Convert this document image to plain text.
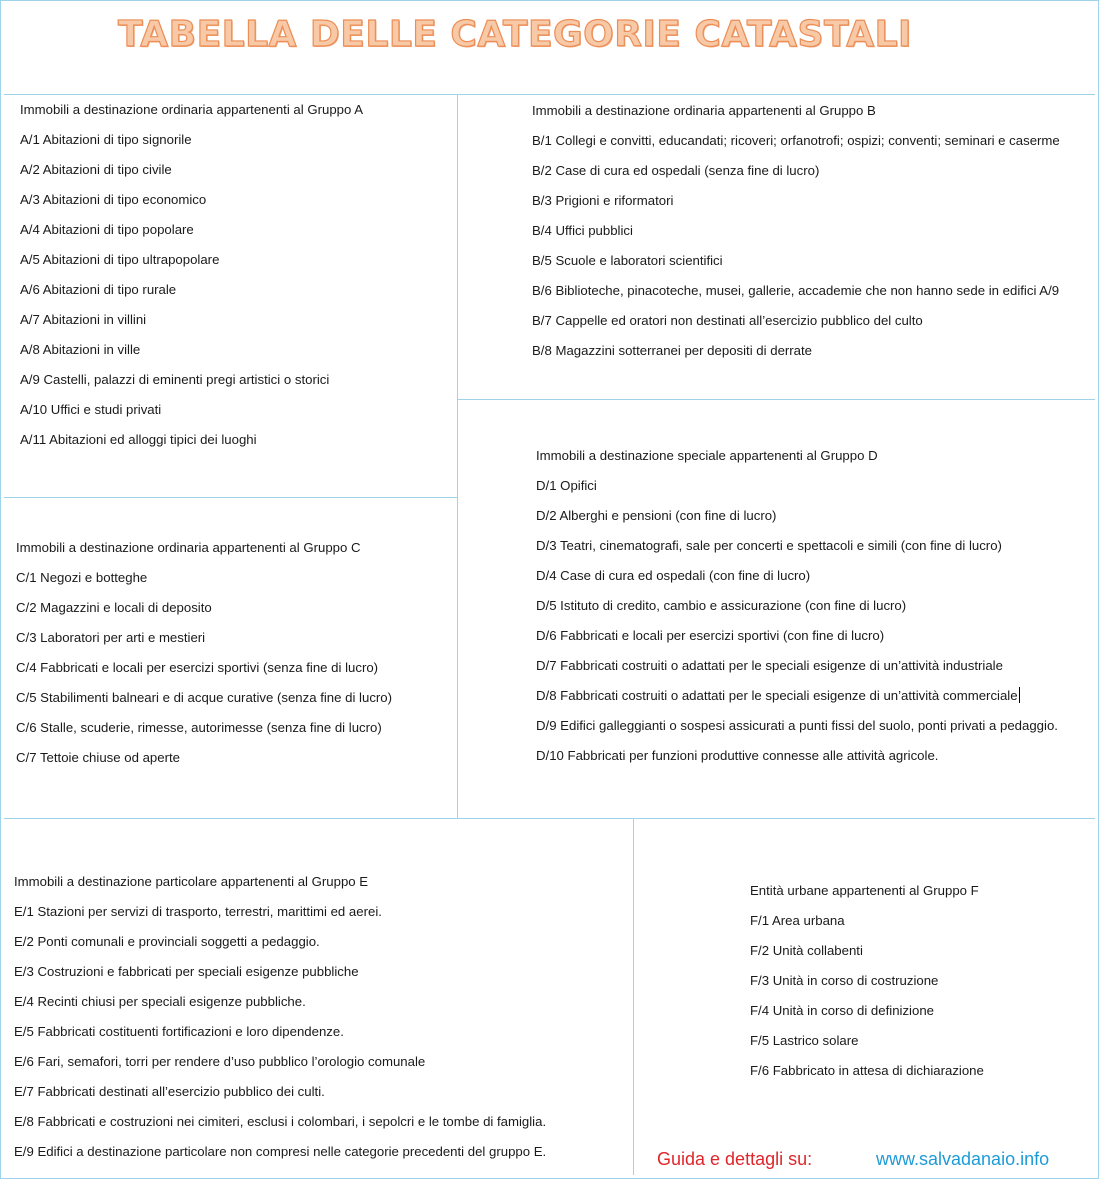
TABELLA DELLE CATEGORIE CATASTALI
Immobili a destinazione ordinaria appartenenti al Gruppo A
A/1 Abitazioni di tipo signorile
A/2 Abitazioni di tipo civile
A/3 Abitazioni di tipo economico
A/4 Abitazioni di tipo popolare
A/5 Abitazioni di tipo ultrapopolare
A/6 Abitazioni di tipo rurale
A/7 Abitazioni in villini
A/8 Abitazioni in ville
A/9 Castelli, palazzi di eminenti pregi artistici o storici
A/10 Uffici e studi privati
A/11 Abitazioni ed alloggi tipici dei luoghi
Immobili a destinazione ordinaria appartenenti al Gruppo B
B/1 Collegi e convitti, educandati; ricoveri; orfanotrofi; ospizi; conventi; seminari e caserme
B/2 Case di cura ed ospedali (senza fine di lucro)
B/3 Prigioni e riformatori
B/4 Uffici pubblici
B/5 Scuole e laboratori scientifici
B/6 Biblioteche, pinacoteche, musei, gallerie, accademie che non hanno sede in edifici A/9
B/7 Cappelle ed oratori non destinati all’esercizio pubblico del culto
B/8 Magazzini sotterranei per depositi di derrate
Immobili a destinazione ordinaria appartenenti al Gruppo C
C/1 Negozi e botteghe
C/2 Magazzini e locali di deposito
C/3 Laboratori per arti e mestieri
C/4 Fabbricati e locali per esercizi sportivi (senza fine di lucro)
C/5 Stabilimenti balneari e di acque curative (senza fine di lucro)
C/6 Stalle, scuderie, rimesse, autorimesse (senza fine di lucro)
C/7 Tettoie chiuse od aperte
Immobili a destinazione speciale appartenenti al Gruppo D
D/1 Opifici
D/2 Alberghi e pensioni (con fine di lucro)
D/3 Teatri, cinematografi, sale per concerti e spettacoli e simili (con fine di lucro)
D/4 Case di cura ed ospedali (con fine di lucro)
D/5 Istituto di credito, cambio e assicurazione (con fine di lucro)
D/6 Fabbricati e locali per esercizi sportivi (con fine di lucro)
D/7 Fabbricati costruiti o adattati per le speciali esigenze di un’attività industriale
D/8 Fabbricati costruiti o adattati per le speciali esigenze di un’attività commerciale
D/9 Edifici galleggianti o sospesi assicurati a punti fissi del suolo, ponti privati a pedaggio.
D/10 Fabbricati per funzioni produttive connesse alle attività agricole.
Immobili a destinazione particolare appartenenti al Gruppo E
E/1 Stazioni per servizi di trasporto, terrestri, marittimi ed aerei.
E/2 Ponti comunali e provinciali soggetti a pedaggio.
E/3 Costruzioni e fabbricati per speciali esigenze pubbliche
E/4 Recinti chiusi per speciali esigenze pubbliche.
E/5 Fabbricati costituenti fortificazioni e loro dipendenze.
E/6 Fari, semafori, torri per rendere d’uso pubblico l’orologio comunale
E/7 Fabbricati destinati all’esercizio pubblico dei culti.
E/8 Fabbricati e costruzioni nei cimiteri, esclusi i colombari, i sepolcri e le tombe di famiglia.
E/9 Edifici a destinazione particolare non compresi nelle categorie precedenti del gruppo E.
Entità urbane appartenenti al Gruppo F
F/1 Area urbana
F/2 Unità collabenti
F/3 Unità in corso di costruzione
F/4 Unità in corso di definizione
F/5 Lastrico solare
F/6 Fabbricato in attesa di dichiarazione
Guida e dettagli su:	www.salvadanaio.info
